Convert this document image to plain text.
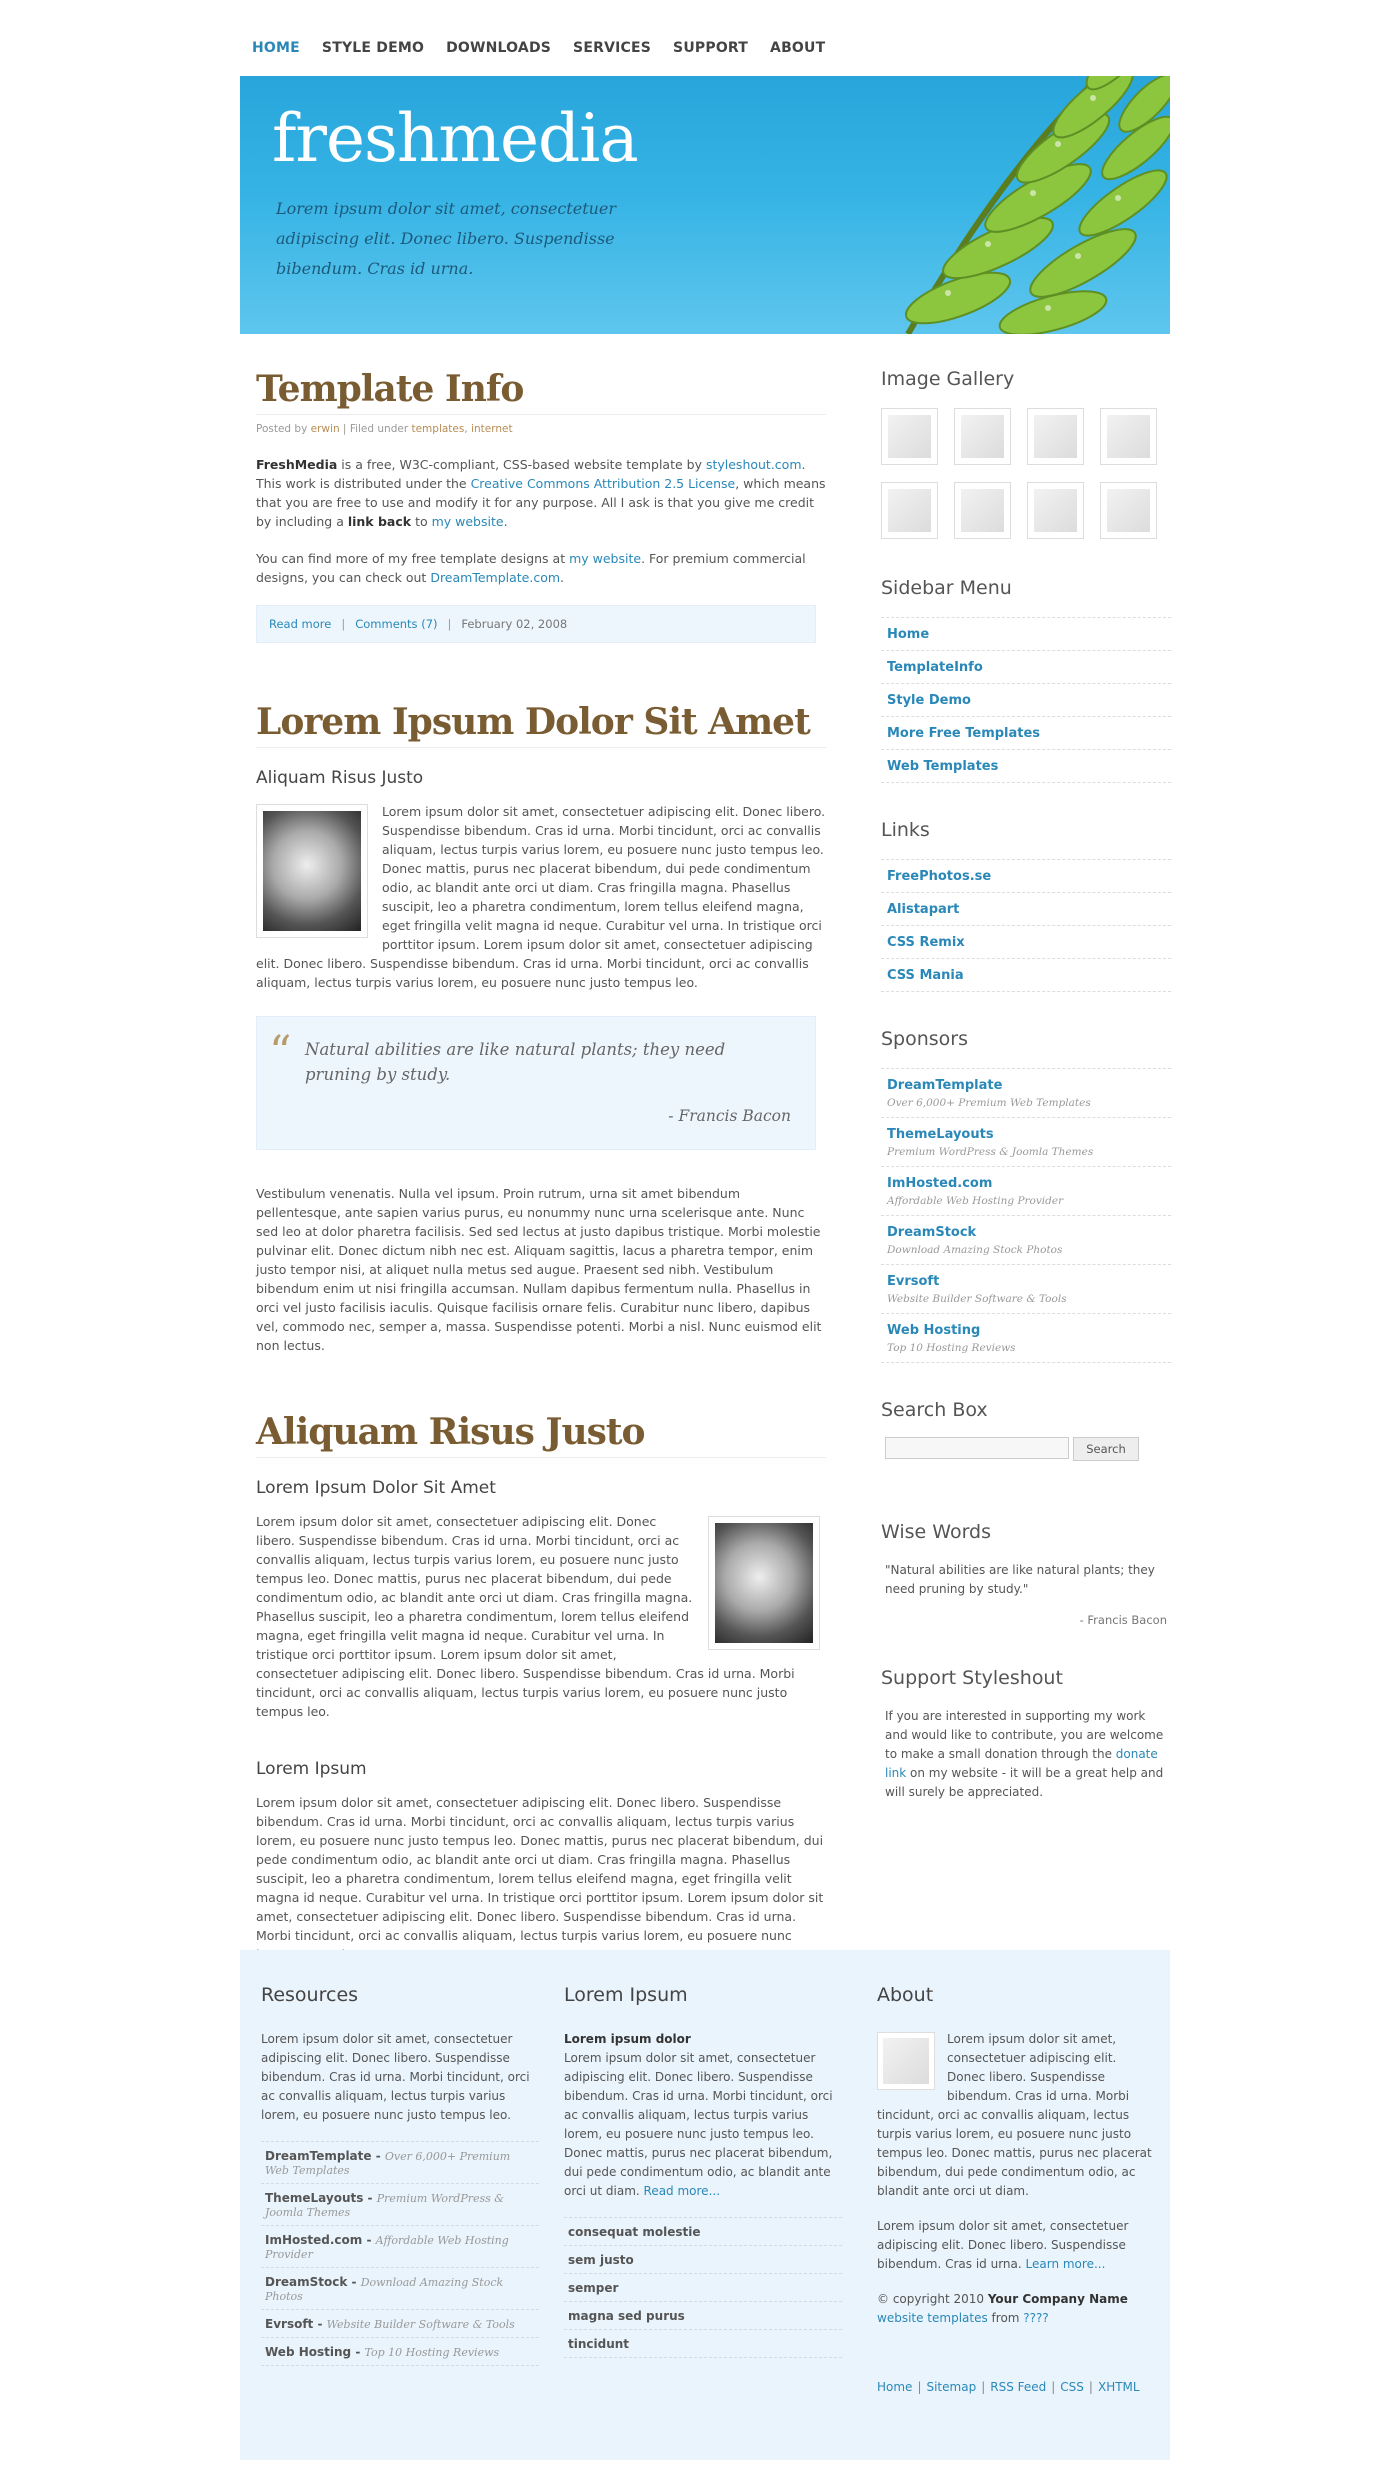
HOME STYLE DEMO DOWNLOADS SERVICES SUPPORT ABOUT
freshmedia
Lorem ipsum dolor sit amet, consectetuer adipiscing elit. Donec libero. Suspendisse bibendum. Cras id urna.
Template Info
Posted by erwin | Filed under templates, internet

FreshMedia is a free, W3C-compliant, CSS-based website template by styleshout.com. This work is distributed under the Creative Commons Attribution 2.5 License, which means that you are free to use and modify it for any purpose. All I ask is that you give me credit by including a link back to my website.

You can find more of my free template designs at my website. For premium commercial designs, you can check out DreamTemplate.com.

Read more | Comments (7) | February 02, 2008
Lorem Ipsum Dolor Sit Amet
Aliquam Risus Justo

Lorem ipsum dolor sit amet, consectetuer adipiscing elit. Donec libero. Suspendisse bibendum. Cras id urna. Morbi tincidunt, orci ac convallis aliquam, lectus turpis varius lorem, eu posuere nunc justo tempus leo. Donec mattis, purus nec placerat bibendum, dui pede condimentum odio, ac blandit ante orci ut diam. Cras fringilla magna. Phasellus suscipit, leo a pharetra condimentum, lorem tellus eleifend magna, eget fringilla velit magna id neque. Curabitur vel urna. In tristique orci porttitor ipsum. Lorem ipsum dolor sit amet, consectetuer adipiscing elit. Donec libero. Suspendisse bibendum. Cras id urna. Morbi tincidunt, orci ac convallis aliquam, lectus turpis varius lorem, eu posuere nunc justo tempus leo.

“ Natural abilities are like natural plants; they need pruning by study.
- Francis Bacon

Vestibulum venenatis. Nulla vel ipsum. Proin rutrum, urna sit amet bibendum pellentesque, ante sapien varius purus, eu nonummy nunc urna scelerisque ante. Nunc sed leo at dolor pharetra facilisis. Sed sed lectus at justo dapibus tristique. Morbi molestie pulvinar elit. Donec dictum nibh nec est. Aliquam sagittis, lacus a pharetra tempor, enim justo tempor nisi, at aliquet nulla metus sed augue. Praesent sed nibh. Vestibulum bibendum enim ut nisi fringilla accumsan. Nullam dapibus fermentum nulla. Phasellus in orci vel justo facilisis iaculis. Quisque facilisis ornare felis. Curabitur nunc libero, dapibus vel, commodo nec, semper a, massa. Suspendisse potenti. Morbi a nisl. Nunc euismod elit non lectus.

Aliquam Risus Justo
Lorem Ipsum Dolor Sit Amet

Lorem ipsum dolor sit amet, consectetuer adipiscing elit. Donec libero. Suspendisse bibendum. Cras id urna. Morbi tincidunt, orci ac convallis aliquam, lectus turpis varius lorem, eu posuere nunc justo tempus leo. Donec mattis, purus nec placerat bibendum, dui pede condimentum odio, ac blandit ante orci ut diam. Cras fringilla magna. Phasellus suscipit, leo a pharetra condimentum, lorem tellus eleifend magna, eget fringilla velit magna id neque. Curabitur vel urna. In tristique orci porttitor ipsum. Lorem ipsum dolor sit amet, consectetuer adipiscing elit. Donec libero. Suspendisse bibendum. Cras id urna. Morbi tincidunt, orci ac convallis aliquam, lectus turpis varius lorem, eu posuere nunc justo tempus leo.

Lorem Ipsum

Lorem ipsum dolor sit amet, consectetuer adipiscing elit. Donec libero. Suspendisse bibendum. Cras id urna. Morbi tincidunt, orci ac convallis aliquam, lectus turpis varius lorem, eu posuere nunc justo tempus leo. Donec mattis, purus nec placerat bibendum, dui pede condimentum odio, ac blandit ante orci ut diam. Cras fringilla magna. Phasellus suscipit, leo a pharetra condimentum, lorem tellus eleifend magna, eget fringilla velit magna id neque. Curabitur vel urna. In tristique orci porttitor ipsum. Lorem ipsum dolor sit amet, consectetuer adipiscing elit. Donec libero. Suspendisse bibendum. Cras id urna. Morbi tincidunt, orci ac convallis aliquam, lectus turpis varius lorem, eu posuere nunc

Image Gallery
Sidebar Menu
Home
TemplateInfo
Style Demo
More Free Templates
Web Templates
Links
FreePhotos.se
Alistapart
CSS Remix
CSS Mania
Sponsors
DreamTemplate
Over 6,000+ Premium Web Templates
ThemeLayouts
Premium WordPress & Joomla Themes
ImHosted.com
Affordable Web Hosting Provider
DreamStock
Download Amazing Stock Photos
Evrsoft
Website Builder Software & Tools
Web Hosting
Top 10 Hosting Reviews
Search Box
Search
Wise Words

"Natural abilities are like natural plants; they need pruning by study."

- Francis Bacon
Support Styleshout

If you are interested in supporting my work and would like to contribute, you are welcome to make a small donation through the donate link on my website - it will be a great help and will surely be appreciated.

Resources

Lorem ipsum dolor sit amet, consectetuer adipiscing elit. Donec libero. Suspendisse bibendum. Cras id urna. Morbi tincidunt, orci ac convallis aliquam, lectus turpis varius lorem, eu posuere nunc justo tempus leo.

DreamTemplate - Over 6,000+ Premium Web Templates
ThemeLayouts - Premium WordPress & Joomla Themes
ImHosted.com - Affordable Web Hosting Provider
DreamStock - Download Amazing Stock Photos
Evrsoft - Website Builder Software & Tools
Web Hosting - Top 10 Hosting Reviews
Lorem Ipsum

Lorem ipsum dolor
Lorem ipsum dolor sit amet, consectetuer adipiscing elit. Donec libero. Suspendisse bibendum. Cras id urna. Morbi tincidunt, orci ac convallis aliquam, lectus turpis varius lorem, eu posuere nunc justo tempus leo. Donec mattis, purus nec placerat bibendum, dui pede condimentum odio, ac blandit ante orci ut diam. Read more...

consequat molestie
sem justo
semper
magna sed purus
tincidunt
About

Lorem ipsum dolor sit amet, consectetuer adipiscing elit. Donec libero. Suspendisse bibendum. Cras id urna. Morbi tincidunt, orci ac convallis aliquam, lectus turpis varius lorem, eu posuere nunc justo tempus leo. Donec mattis, purus nec placerat bibendum, dui pede condimentum odio, ac blandit ante orci ut diam.

Lorem ipsum dolor sit amet, consectetuer adipiscing elit. Donec libero. Suspendisse bibendum. Cras id urna. Learn more...

© copyright 2010 Your Company Name
website templates from ????

Home | Sitemap | RSS Feed | CSS | XHTML
